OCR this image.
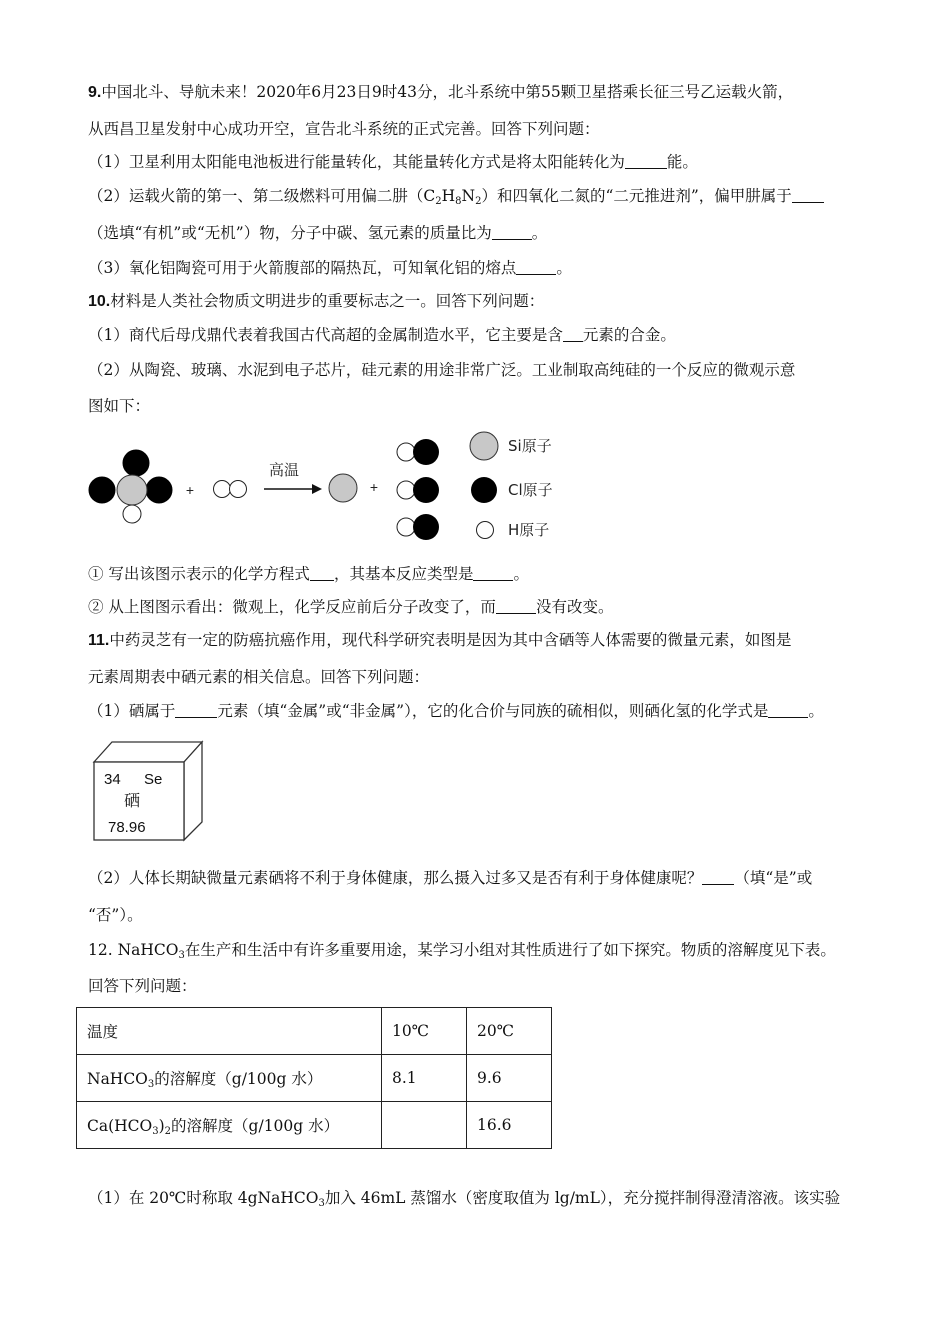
9.中国北斗、导航未来！2020年6月23日9时43分，北斗系统中第55颗卫星搭乘长征三号乙运载火箭，
从西昌卫星发射中心成功开空，宣告北斗系统的正式完善。回答下列问题：
（1）卫星利用太阳能电池板进行能量转化，其能量转化方式是将太阳能转化为	能。
（2）运载火箭的第一、第二级燃料可用偏二肼$(C_2H_8N_2)$和四氧化二氮的“二元推进剂”，偏甲肼属于
（选填“有机”或“无机”）物，分子中碳、氢元素的质量比为	。
（3）氧化铝陶瓷可用于火箭腹部的隔热瓦，可知氧化铝的熔点	。
10.材料是人类社会物质文明进步的重要标志之一。回答下列问题：
（1）商代后母戊鼎代表着我国古代高超的金属制造水平，它主要是含 元素的合金。
（2）从陶瓷、玻璃、水泥到电子芯片，硅元素的用途非常广泛。工业制取高纯硅的一个反应的微观示意
图如下：
+
高温
+
Si原子
Cl原子
H原子
① 写出该图示表示的化学方程式 ，其基本反应类型是	。
② 从上图图示看出：微观上，化学反应前后分子改变了，而	没有改变。
11.中药灵芝有一定的防癌抗癌作用，现代科学研究表明是因为其中含硒等人体需要的微量元素，如图是
元素周期表中硒元素的相关信息。回答下列问题：
（1）硒属于	元素（填“金属”或“非金属”），它的化合价与同族的硫相似，则硒化氢的化学式是	。
34 Se
硒
78.96
（2）人体长期缺微量元素硒将不利于身体健康，那么摄入过多又是否有利于身体健康呢？ （填“是”或
“否”）。
12. NaHCO$_3$在生产和生活中有许多重要用途，某学习小组对其性质进行了如下探究。物质的溶解度见下表。
回答下列问题：
温度	10℃	20℃
NaHCO$_3$的溶解度（g/100g 水）	8.1	9.6
$Ca(HCO_3)_2$的溶解度（g/100g 水）		16.6
（1）在 20℃时称取 4gNaHCO$_3$加入 46mL 蒸馏水（密度取值为 lg/mL），充分搅拌制得澄清溶液。该实验
